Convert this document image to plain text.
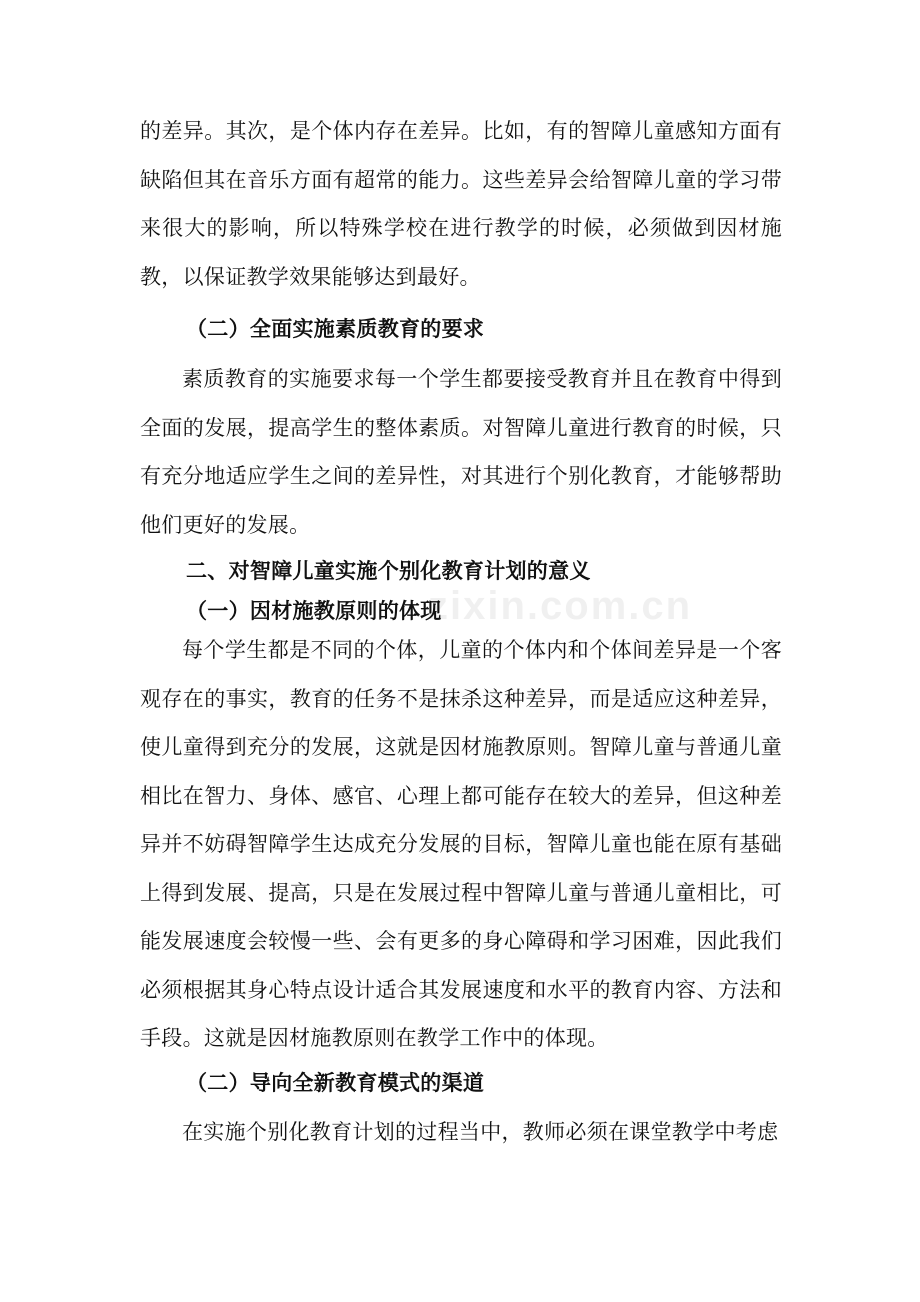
的差异。其次，是个体内存在差异。比如，有的智障儿童感知方面有缺陷但其在音乐方面有超常的能力。这些差异会给智障儿童的学习带来很大的影响，所以特殊学校在进行教学的时候，必须做到因材施教，以保证教学效果能够达到最好。

（二）全面实施素质教育的要求

素质教育的实施要求每一个学生都要接受教育并且在教育中得到全面的发展，提高学生的整体素质。对智障儿童进行教育的时候，只有充分地适应学生之间的差异性，对其进行个别化教育，才能够帮助他们更好的发展。

二、对智障儿童实施个别化教育计划的意义
（一）因材施教原则的体现

每个学生都是不同的个体，儿童的个体内和个体间差异是一个客观存在的事实，教育的任务不是抹杀这种差异，而是适应这种差异，使儿童得到充分的发展，这就是因材施教原则。智障儿童与普通儿童相比在智力、身体、感官、心理上都可能存在较大的差异，但这种差异并不妨碍智障学生达成充分发展的目标，智障儿童也能在原有基础上得到发展、提高，只是在发展过程中智障儿童与普通儿童相比，可能发展速度会较慢一些、会有更多的身心障碍和学习困难，因此我们必须根据其身心特点设计适合其发展速度和水平的教育内容、方法和手段。这就是因材施教原则在教学工作中的体现。

（二）导向全新教育模式的渠道

在实施个别化教育计划的过程当中，教师必须在课堂教学中考虑

zixin.com.cn
